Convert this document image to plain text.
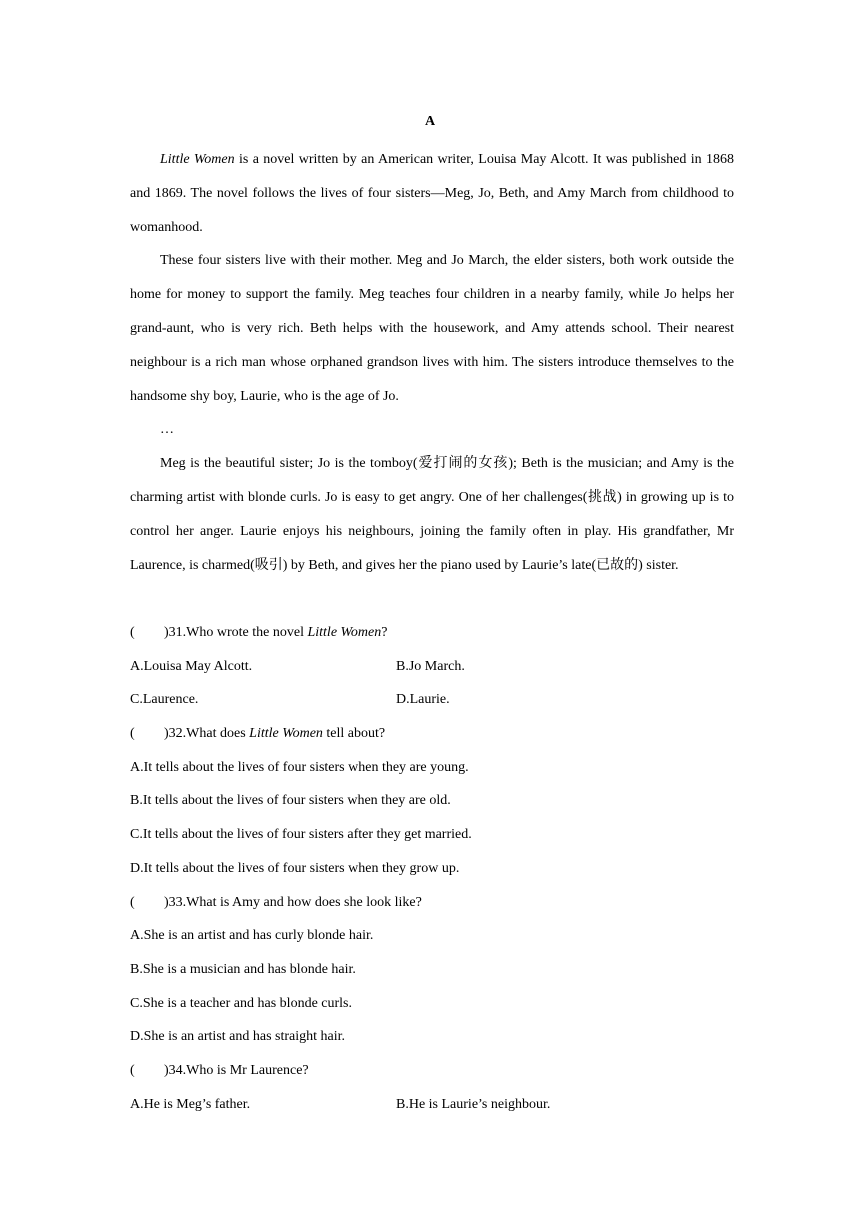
A

Little Women is a novel written by an American writer, Louisa May Alcott. It was published in 1868 and 1869. The novel follows the lives of four sisters—Meg, Jo, Beth, and Amy March from childhood to womanhood.

These four sisters live with their mother. Meg and Jo March, the elder sisters, both work outside the home for money to support the family. Meg teaches four children in a nearby family, while Jo helps her grand-aunt, who is very rich. Beth helps with the housework, and Amy attends school. Their nearest neighbour is a rich man whose orphaned grandson lives with him. The sisters introduce themselves to the handsome shy boy, Laurie, who is the age of Jo.

…

Meg is the beautiful sister; Jo is the tomboy(爱打闹的女孩); Beth is the musician; and Amy is the charming artist with blonde curls. Jo is easy to get angry. One of her challenges(挑战) in growing up is to control her anger. Laurie enjoys his neighbours, joining the family often in play. His grandfather, Mr Laurence, is charmed(吸引) by Beth, and gives her the piano used by Laurie’s late(已故的) sister.

( )31.Who wrote the novel Little Women?
A.Louisa May Alcott.	B.Jo March.
C.Laurence.	D.Laurie.
( )32.What does Little Women tell about?
A.It tells about the lives of four sisters when they are young.
B.It tells about the lives of four sisters when they are old.
C.It tells about the lives of four sisters after they get married.
D.It tells about the lives of four sisters when they grow up.
( )33.What is Amy and how does she look like?
A.She is an artist and has curly blonde hair.
B.She is a musician and has blonde hair.
C.She is a teacher and has blonde curls.
D.She is an artist and has straight hair.
( )34.Who is Mr Laurence?
A.He is Meg’s father.	B.He is Laurie’s neighbour.
